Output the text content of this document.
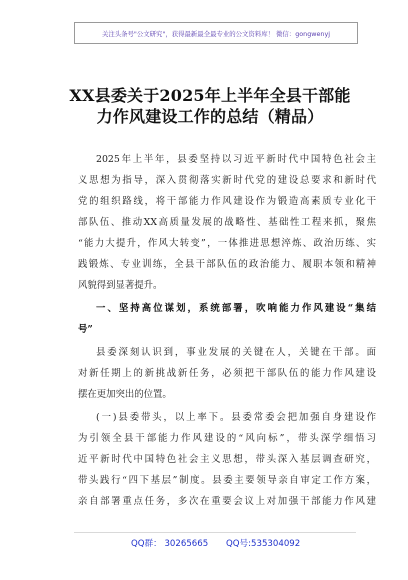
关注头条号"公文研究"，获得最新最全最专业的公文资料库！ 微信：gongwenyj
XX县委关于2025年上半年全县干部能
力作风建设工作的总结（精品）
2025年上半年，县委坚持以习近平新时代中国特色社会主
义思想为指导，深入贯彻落实新时代党的建设总要求和新时代
党的组织路线，将干部能力作风建设作为锻造高素质专业化干
部队伍、推动XX高质量发展的战略性、基础性工程来抓，聚焦
“能力大提升，作风大转变”，一体推进思想淬炼、政治历练、实
践锻炼、专业训练，全县干部队伍的政治能力、履职本领和精神
风貌得到显著提升。
一、坚持高位谋划，系统部署，吹响能力作风建设“集结
号”
县委深刻认识到，事业发展的关键在人，关键在干部。面
对新任期上的新挑战新任务，必须把干部队伍的能力作风建设
摆在更加突出的位置。
(一)县委带头，以上率下。县委常委会把加强自身建设作
为引领全县干部能力作风建设的“风向标”，带头深学细悟习
近平新时代中国特色社会主义思想，带头深入基层调查研究，
带头践行“四下基层”制度。县委主要领导亲自审定工作方案，
亲自部署重点任务，多次在重要会议上对加强干部能力作风建
QQ群： 30265665 QQ号:535304092
